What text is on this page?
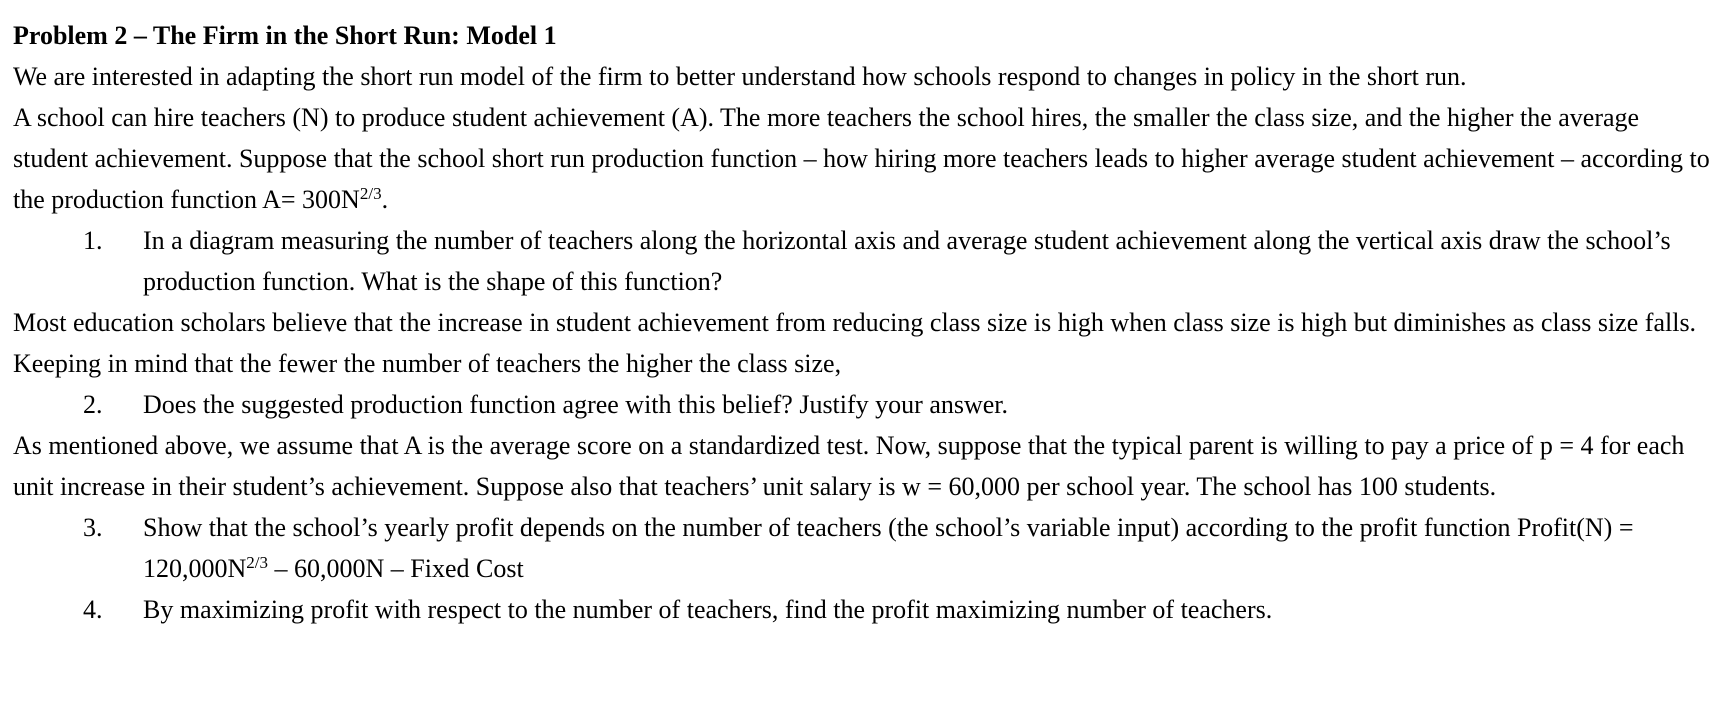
Problem 2 – The Firm in the Short Run: Model 1

We are interested in adapting the short run model of the firm to better understand how schools respond to changes in policy in the short run.

A school can hire teachers (N) to produce student achievement (A). The more teachers the school hires, the smaller the class size, and the higher the average student achievement. Suppose that the school short run production function – how hiring more teachers leads to higher average student achievement – according to the production function $A= 300N^{2/3}$.

1.	In a diagram measuring the number of teachers along the horizontal axis and average student achievement along the vertical axis draw the school’s production function. What is the shape of this function?

Most education scholars believe that the increase in student achievement from reducing class size is high when class size is high but diminishes as class size falls. Keeping in mind that the fewer the number of teachers the higher the class size,

2.	Does the suggested production function agree with this belief? Justify your answer.

As mentioned above, we assume that A is the average score on a standardized test. Now, suppose that the typical parent is willing to pay a price of p = 4 for each unit increase in their student’s achievement. Suppose also that teachers’ unit salary is w = 60,000 per school year. The school has 100 students.

3.	Show that the school’s yearly profit depends on the number of teachers (the school’s variable input) according to the profit function Profit(N) = $120,000N^{2/3} - 60,000N$ – Fixed Cost
4.	By maximizing profit with respect to the number of teachers, find the profit maximizing number of teachers.
